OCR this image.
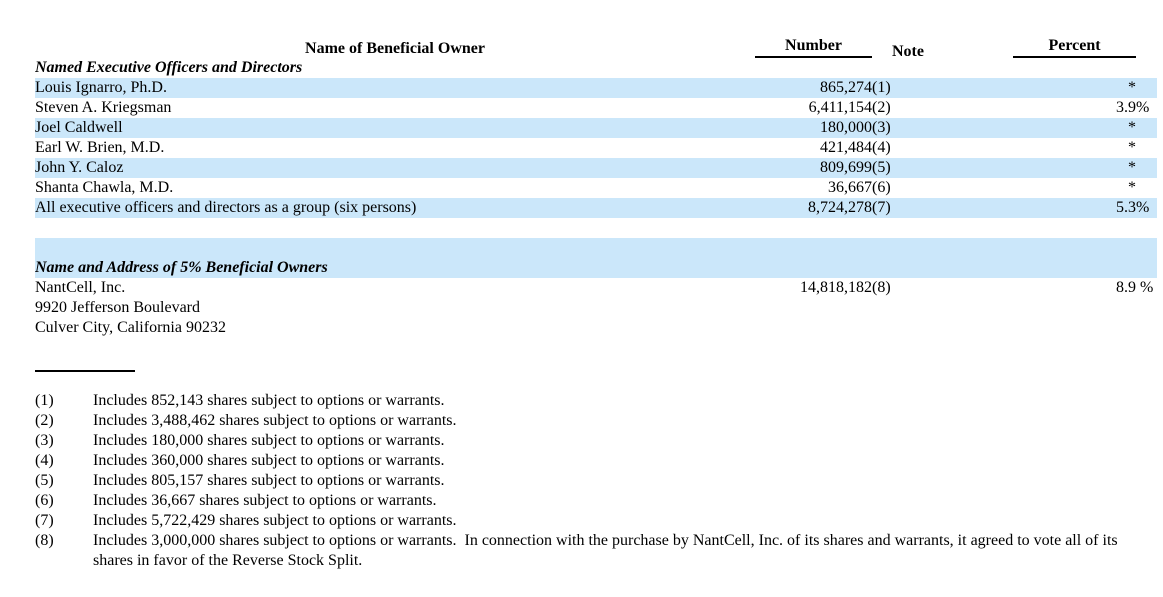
Name of Beneficial Owner	Number	Note	Percent

Named Executive Officers and Directors			
Louis Ignarro, Ph.D.	865,274	(1)	*
Steven A. Kriegsman	6,411,154	(2)	3.9%
Joel Caldwell	180,000	(3)	*
Earl W. Brien, M.D.	421,484	(4)	*
John Y. Caloz	809,699	(5)	*
Shanta Chawla, M.D.	36,667	(6)	*
All executive officers and directors as a group (six persons)	8,724,278	(7)	5.3%

Name and Address of 5% Beneficial Owners			
NantCell, Inc.	14,818,182	(8)	8.9 %
9920 Jefferson Boulevard			
Culver City, California 90232			
(1)	Includes 852,143 shares subject to options or warrants.
(2)	Includes 3,488,462 shares subject to options or warrants.
(3)	Includes 180,000 shares subject to options or warrants.
(4)	Includes 360,000 shares subject to options or warrants.
(5)	Includes 805,157 shares subject to options or warrants.
(6)	Includes 36,667 shares subject to options or warrants.
(7)	Includes 5,722,429 shares subject to options or warrants.
(8)	Includes 3,000,000 shares subject to options or warrants.  In connection with the purchase by NantCell, Inc. of its shares and warrants, it agreed to vote all of its shares in favor of the Reverse Stock Split.
